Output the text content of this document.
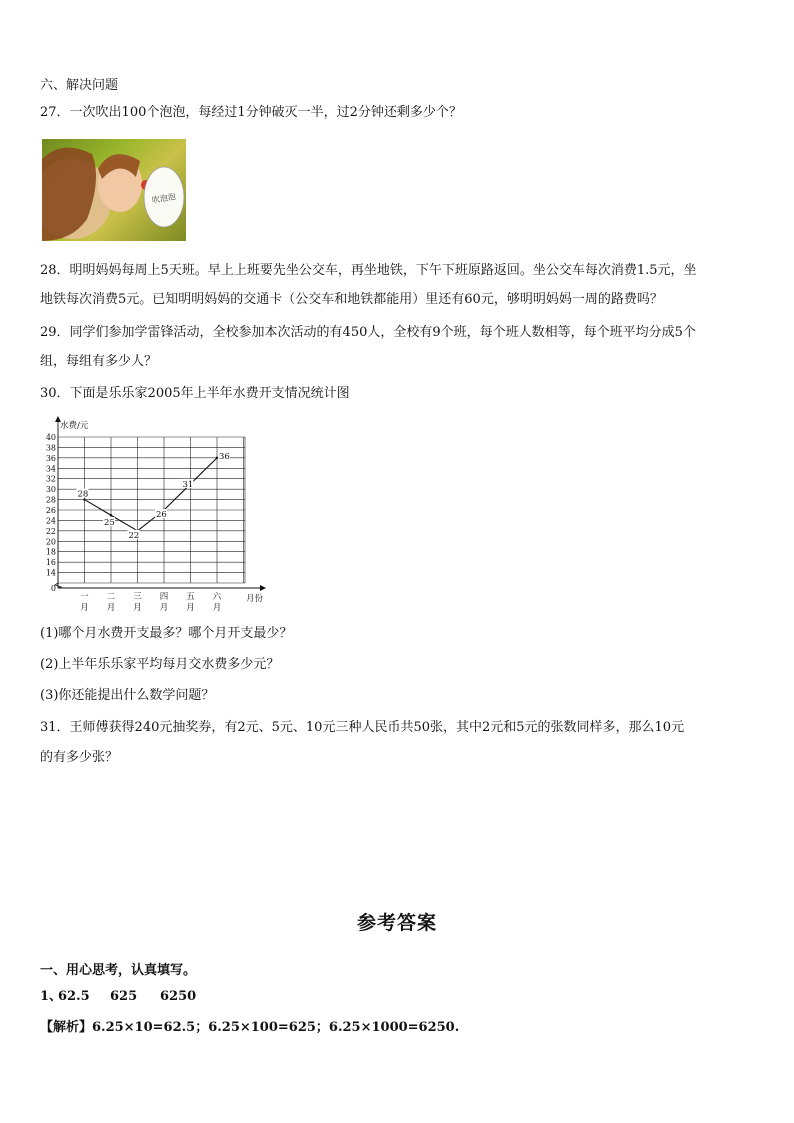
六、解决问题
27．一次吹出100个泡泡，每经过1分钟破灭一半，过2分钟还剩多少个？
吹泡泡
28．明明妈妈每周上5天班。早上上班要先坐公交车，再坐地铁，下午下班原路返回。坐公交车每次消费1.5元，坐
地铁每次消费5元。已知明明妈妈的交通卡（公交车和地铁都能用）里还有60元，够明明妈妈一周的路费吗？
29．同学们参加学雷锋活动，全校参加本次活动的有450人，全校有9个班，每个班人数相等，每个班平均分成5个
组，每组有多少人？
30．下面是乐乐家2005年上半年水费开支情况统计图
水费/元
月份
0
14
16
18
20
22
24
26
28
30
32
34
36
38
40
一
月
二
月
三
月
四
月
五
月
六
月
28
25
22
26
31
36
(1)哪个月水费开支最多？哪个月开支最少？
(2)上半年乐乐家平均每月交水费多少元？
(3)你还能提出什么数学问题？
31．王师傅获得240元抽奖券，有2元、5元、10元三种人民币共50张，其中2元和5元的张数同样多，那么10元
的有多少张？
参考答案
一、用心思考，认真填写。
1、
62.5 625 6250
【解析】6.25×10=62.5；6.25×100=625；6.25×1000=6250.
